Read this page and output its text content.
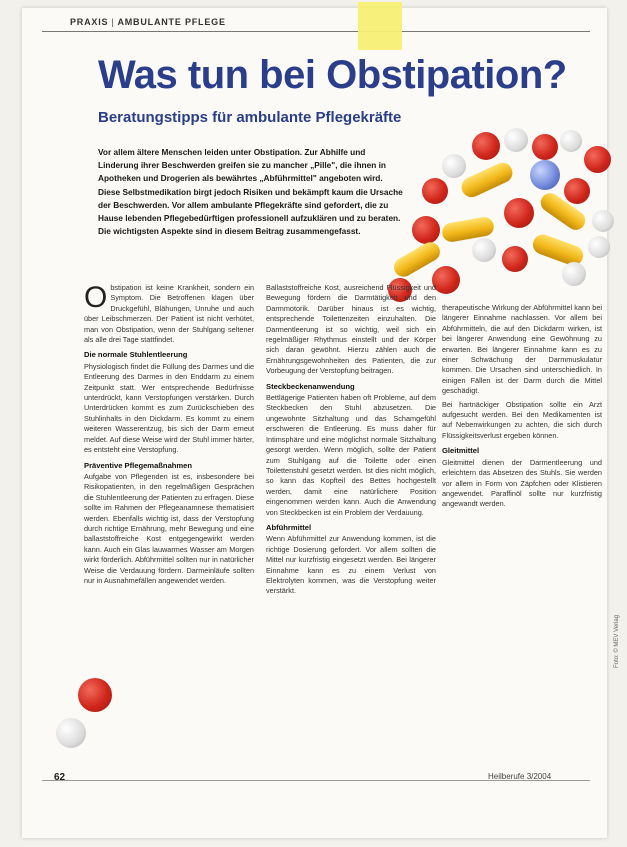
PRAXIS | AMBULANTE PFLEGE
Was tun bei Obstipation?
Beratungstipps für ambulante Pflegekräfte
Vor allem ältere Menschen leiden unter Obstipation. Zur Abhilfe und Linderung ihrer Beschwerden greifen sie zu mancher „Pille", die ihnen in Apotheken und Drogerien als bewährtes „Abführmittel" angeboten wird. Diese Selbstmedikation birgt jedoch Risiken und bekämpft kaum die Ursache der Beschwerden. Vor allem ambulante Pflegekräfte sind gefordert, die zu Hause lebenden Pflegebedürftigen professionell aufzuklären und zu beraten. Die wichtigsten Aspekte sind in diesem Beitrag zusammengefasst.

Obstipation ist keine Krankheit, sondern ein Symptom. Die Betroffenen klagen über Druckgefühl, Blähungen, Unruhe und auch über Leibschmerzen. Der Patient ist nicht verhütet, man von Obstipation, wenn der Stuhlgang seltener als alle drei Tage stattfindet.

Die normale Stuhlentleerung

Physiologisch findet die Füllung des Darmes und die Entleerung des Darmes in den Enddarm zu einem Zeitpunkt statt. Wer entsprechende Bedürfnisse unterdrückt, kann Verstopfungen verstärken. Durch Unterdrücken kommt es zum Zurückschieben des Stuhlinhalts in den Dickdarm. Es kommt zu einem weiteren Wasserentzug, bis sich der Darm erneut meldet. Auf diese Weise wird der Stuhl immer härter, es entsteht eine Verstopfung.

Präventive Pflegemaßnahmen

Aufgabe von Pflegenden ist es, insbesondere bei Risikopatienten, in den regelmäßigen Gesprächen die Stuhlentleerung der Patienten zu erfragen. Diese sollte im Rahmen der Pflegeanamnese thematisiert werden. Ebenfalls wichtig ist, dass der Verstopfung durch richtige Ernährung, mehr Bewegung und eine ballaststoffreiche Kost entgegengewirkt werden kann. Auch ein Glas lauwarmes Wasser am Morgen wirkt förderlich. Abführmittel sollten nur in natürlicher Weise die Verdauung fördern. Darmeinläufe sollten nur in Ausnahmefällen angewendet werden.

Ballaststoffreiche Kost, ausreichend Flüssigkeit und Bewegung fördern die Darmtätigkeit und den Darmmotorik. Darüber hinaus ist es wichtig, entsprechende Toilettenzeiten einzuhalten. Die Darmentleerung ist so wichtig, weil sich ein regelmäßiger Rhythmus einstellt und der Körper sich daran gewöhnt. Hierzu zählen auch die Ernährungsgewohnheiten des Patienten, die zur Vorbeugung der Verstopfung beitragen.

Steckbeckenanwendung

Bettlägerige Patienten haben oft Probleme, auf dem Steckbecken den Stuhl abzusetzen. Die ungewohnte Sitzhaltung und das Schamgefühl erschweren die Entleerung. Es muss daher für Intimsphäre und eine möglichst normale Sitzhaltung gesorgt werden. Wenn möglich, sollte der Patient zum Stuhlgang auf die Toilette oder einen Toilettenstuhl gesetzt werden. Ist dies nicht möglich, so kann das Kopfteil des Bettes hochgestellt werden, damit eine natürlichere Position eingenommen werden kann. Auch die Anwendung von Steckbecken ist ein Problem der Verdauung.

Abführmittel

Wenn Abführmittel zur Anwendung kommen, ist die richtige Dosierung gefordert. Vor allem sollten die Mittel nur kurzfristig eingesetzt werden. Bei längerer Einnahme kann es zu einem Verlust von Elektrolyten kommen, was die Verstopfung weiter verstärkt.

therapeutische Wirkung der Abführmittel kann bei längerer Einnahme nachlassen. Vor allem bei Abführmitteln, die auf den Dickdarm wirken, ist bei längerer Anwendung eine Gewöhnung zu erwarten. Bei längerer Einnahme kann es zu einer Schwächung der Darmmuskulatur kommen. Die Ursachen sind unterschiedlich. In einigen Fällen ist der Darm durch die Mittel geschädigt.

Bei hartnäckiger Obstipation sollte ein Arzt aufgesucht werden. Bei den Medikamenten ist auf Nebenwirkungen zu achten, die sich durch Flüssigkeitsverlust ergeben können.

Gleitmittel

Gleitmittel dienen der Darmentleerung und erleichtern das Absetzen des Stuhls. Sie werden vor allem in Form von Zäpfchen oder Klistieren angewendet. Paraffinöl sollte nur kurzfristig angewandt werden.

62	Heilberufe 3/2004
Foto: © MEV Verlag
